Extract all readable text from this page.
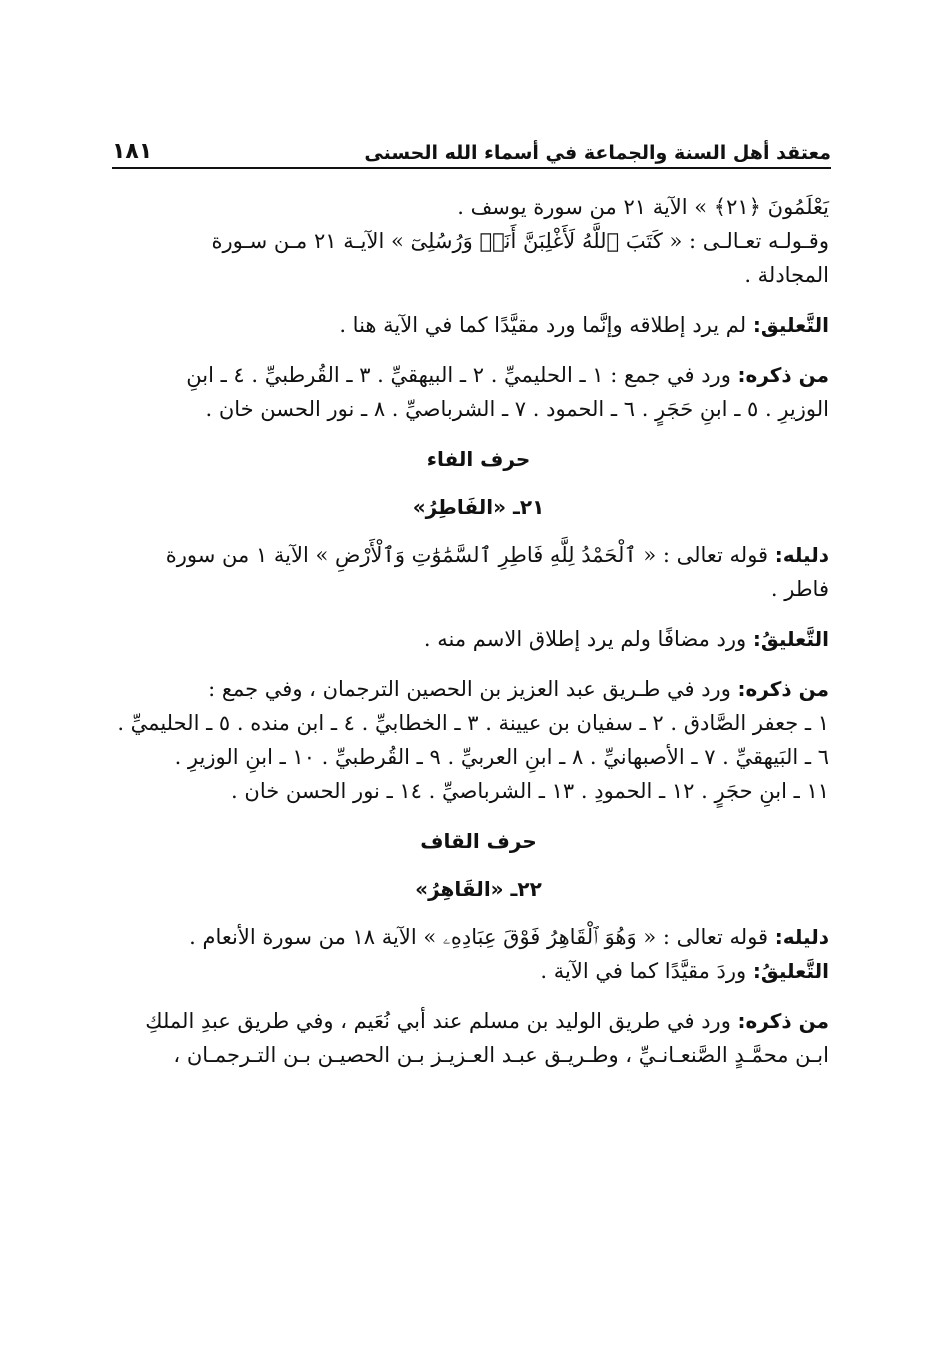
معتقد أهل السنة والجماعة في أسماء الله الحسنى
١٨١
يَعْلَمُونَ ﴿٢١﴾ » الآية ٢١ من سورة يوسف .
وقـولـه تعـالـى : « كَتَبَ ٱللَّهُ لَأَغْلِبَنَّ أَنَا۠ وَرُسُلِىٓ » الآيـة ٢١ مـن سـورة
المجادلة .
التَّعليق: لم يرد إطلاقه وإنَّما ورد مقيَّدًا كما في الآية هنا .
من ذكره: ورد في جمع : ١ ـ الحليميِّ . ٢ ـ البيهقيِّ . ٣ ـ القُرطبيِّ . ٤ ـ ابنِ
الوزيرِ . ٥ ـ ابنِ حَجَرٍ . ٦ ـ الحمود . ٧ ـ الشرباصيِّ . ٨ ـ نور الحسن خان .
حرف الفاء
٢١ـ «الفَاطِرُ»
دليله: قوله تعالى : « ٱلْحَمْدُ لِلَّهِ فَاطِرِ ٱلسَّمَٰوَٰتِ وَٱلْأَرْضِ » الآية ١ من سورة
فاطر .
التَّعليقُ: ورد مضافًا ولم يرد إطلاق الاسم منه .
من ذكره: ورد في طـريق عبد العزيز بن الحصين الترجمان ، وفي جمع :
١ ـ جعفر الصَّادق . ٢ ـ سفيان بن عيينة . ٣ ـ الخطابيِّ . ٤ ـ ابن منده . ٥ ـ الحليميِّ .
٦ ـ البَيهقيِّ . ٧ ـ الأصبهانيِّ . ٨ ـ ابنِ العربيِّ . ٩ ـ القُرطبيِّ . ١٠ ـ ابنِ الوزيرِ .
١١ ـ ابنِ حجَرٍ . ١٢ ـ الحمودِ . ١٣ ـ الشرباصيِّ . ١٤ ـ نور الحسن خان .
حرف القاف
٢٢ـ «القَاهِرُ»
دليله: قوله تعالى : « وَهُوَ ٱلْقَاهِرُ فَوْقَ عِبَادِهِۦ » الآية ١٨ من سورة الأنعام .
التَّعليقُ: وردَ مقيَّدًا كما في الآية .
من ذكره: ورد في طريق الوليد بن مسلم عند أبي نُعَيم ، وفي طريق عبدِ الملكِ
ابـن محمَّـدٍ الصَّنعـانـيِّ ، وطـريـق عبـد العـزيـز بـن الحصيـن بـن التـرجمـان ،
